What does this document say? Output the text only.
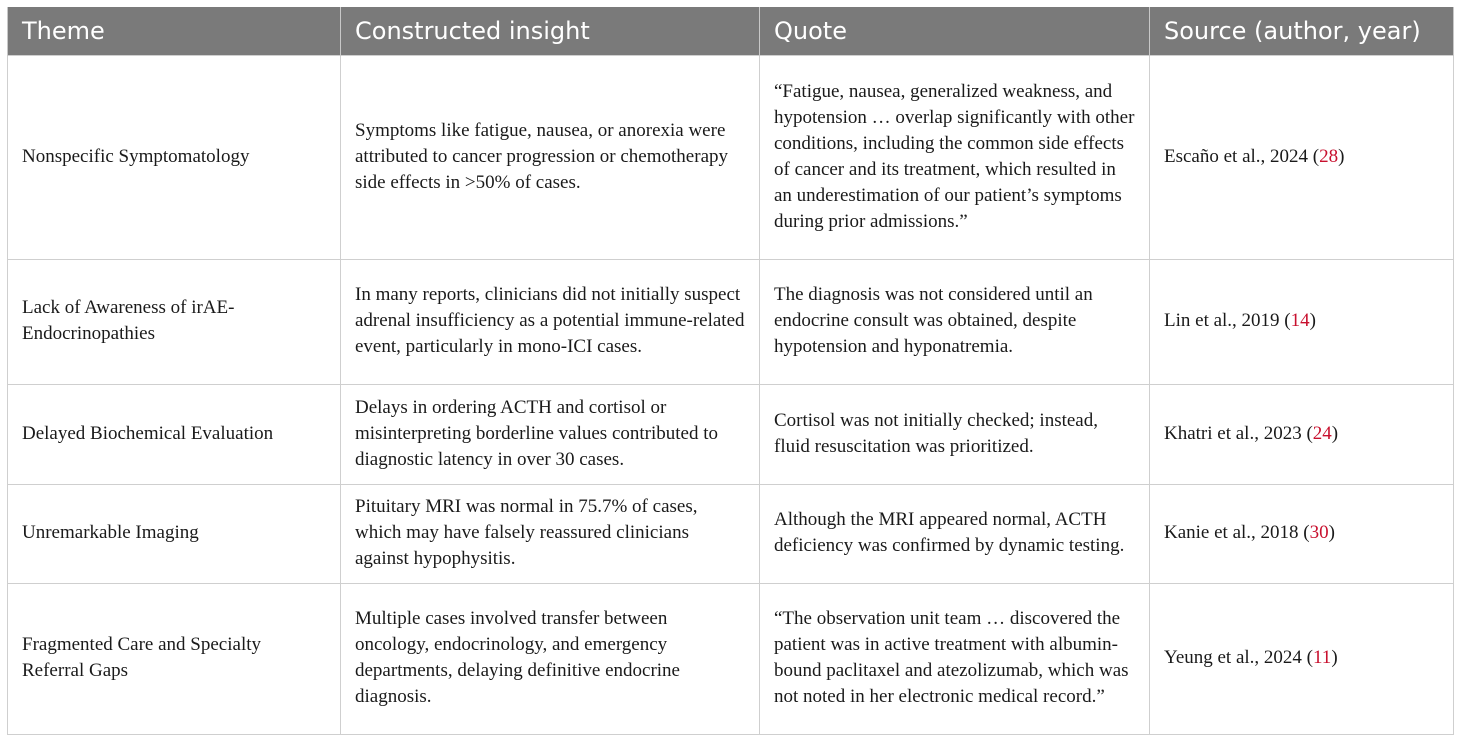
Theme	Constructed insight	Quote	Source (author, year)
Nonspecific Symptomatology	Symptoms like fatigue, nausea, or anorexia were attributed to cancer progression or chemotherapy side effects in >50% of cases.	“Fatigue, nausea, generalized weakness, and hypotension … overlap significantly with other conditions, including the common side effects of cancer and its treatment, which resulted in an underestimation of our patient’s symptoms during prior admissions.”	Escaño et al., 2024 (28)
Lack of Awareness of irAE-Endocrinopathies	In many reports, clinicians did not initially suspect adrenal insufficiency as a potential immune-related event, particularly in mono-ICI cases.	The diagnosis was not considered until an endocrine consult was obtained, despite hypotension and hyponatremia.	Lin et al., 2019 (14)
Delayed Biochemical Evaluation	Delays in ordering ACTH and cortisol or misinterpreting borderline values contributed to diagnostic latency in over 30 cases.	Cortisol was not initially checked; instead, fluid resuscitation was prioritized.	Khatri et al., 2023 (24)
Unremarkable Imaging	Pituitary MRI was normal in 75.7% of cases, which may have falsely reassured clinicians against hypophysitis.	Although the MRI appeared normal, ACTH deficiency was confirmed by dynamic testing.	Kanie et al., 2018 (30)
Fragmented Care and Specialty Referral Gaps	Multiple cases involved transfer between oncology, endocrinology, and emergency departments, delaying definitive endocrine diagnosis.	“The observation unit team … discovered the patient was in active treatment with albumin-bound paclitaxel and atezolizumab, which was not noted in her electronic medical record.”	Yeung et al., 2024 (11)
